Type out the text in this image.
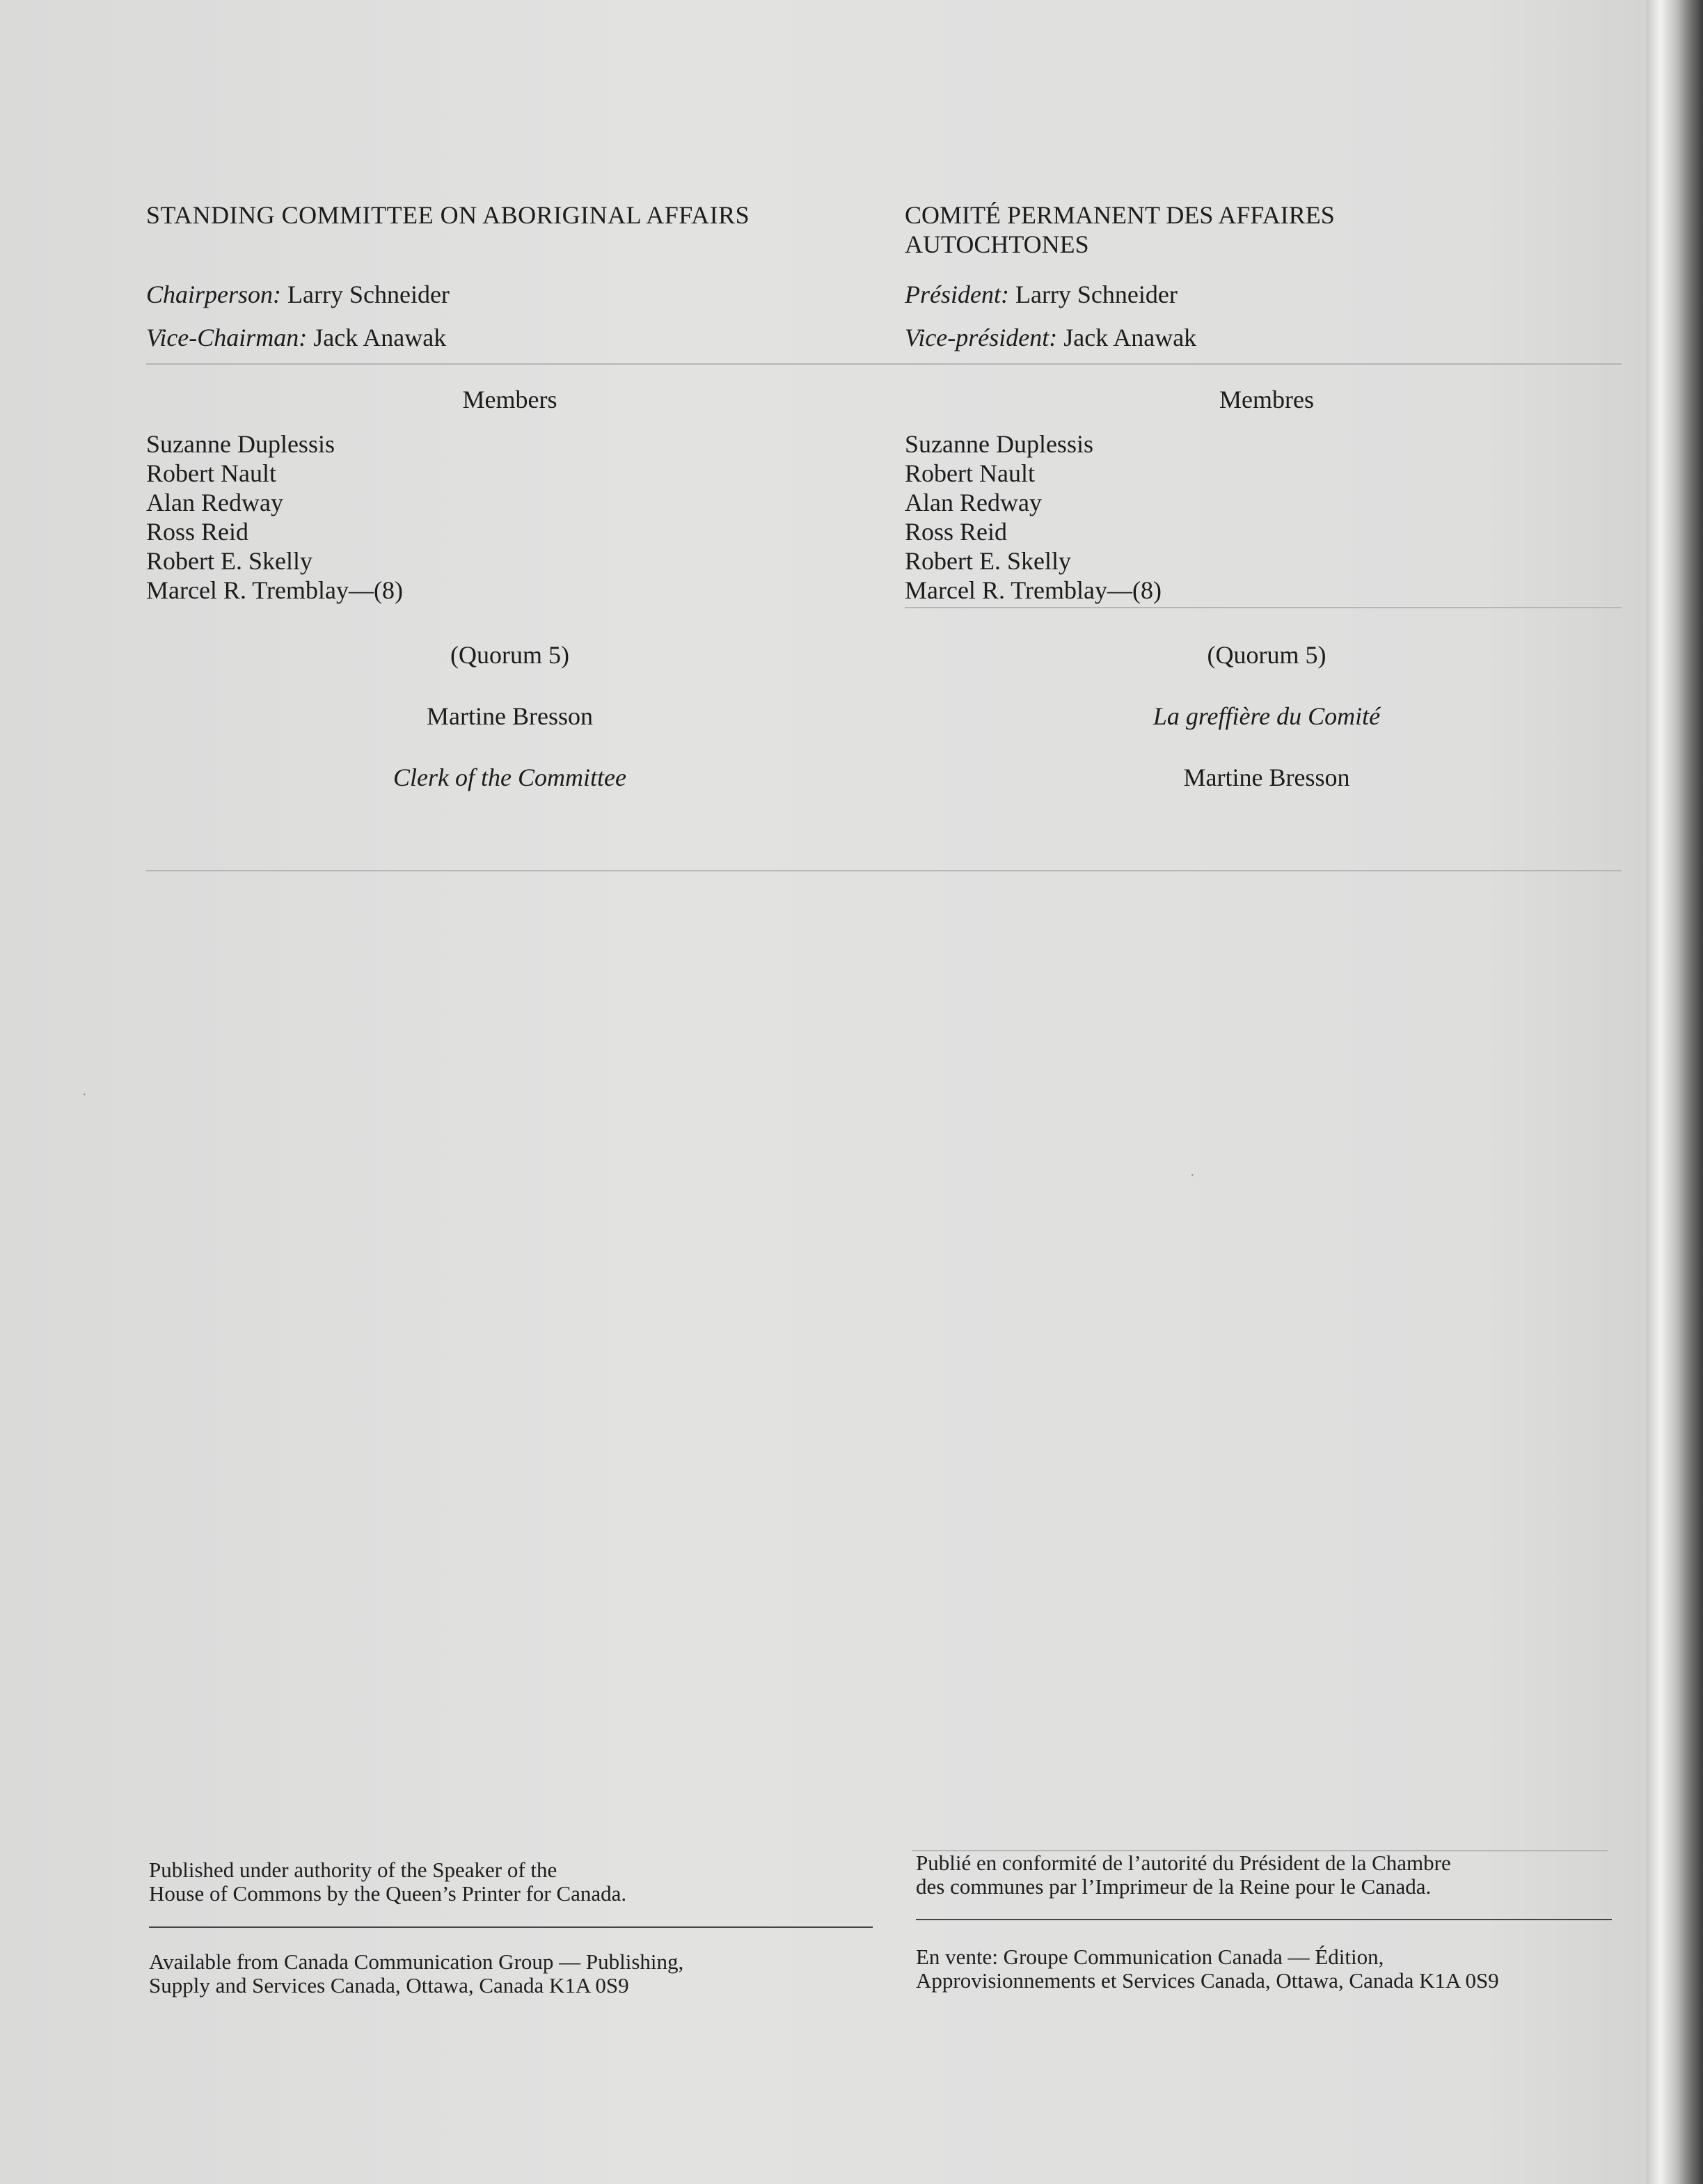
STANDING COMMITTEE ON ABORIGINAL AFFAIRS
Chairperson: Larry Schneider
Vice-Chairman: Jack Anawak
Members
Suzanne Duplessis
Robert Nault
Alan Redway
Ross Reid
Robert E. Skelly
Marcel R. Tremblay—(8)
(Quorum 5)
Martine Bresson
Clerk of the Committee
COMITÉ PERMANENT DES AFFAIRES
AUTOCHTONES
Président: Larry Schneider
Vice-président: Jack Anawak
Membres
Suzanne Duplessis
Robert Nault
Alan Redway
Ross Reid
Robert E. Skelly
Marcel R. Tremblay—(8)
(Quorum 5)
La greffière du Comité
Martine Bresson
Published under authority of the Speaker of the
House of Commons by the Queen’s Printer for Canada.
Publié en conformité de l’autorité du Président de la Chambre
des communes par l’Imprimeur de la Reine pour le Canada.
Available from Canada Communication Group — Publishing,
Supply and Services Canada, Ottawa, Canada K1A 0S9
En vente: Groupe Communication Canada — Édition,
Approvisionnements et Services Canada, Ottawa, Canada K1A 0S9
·
·
